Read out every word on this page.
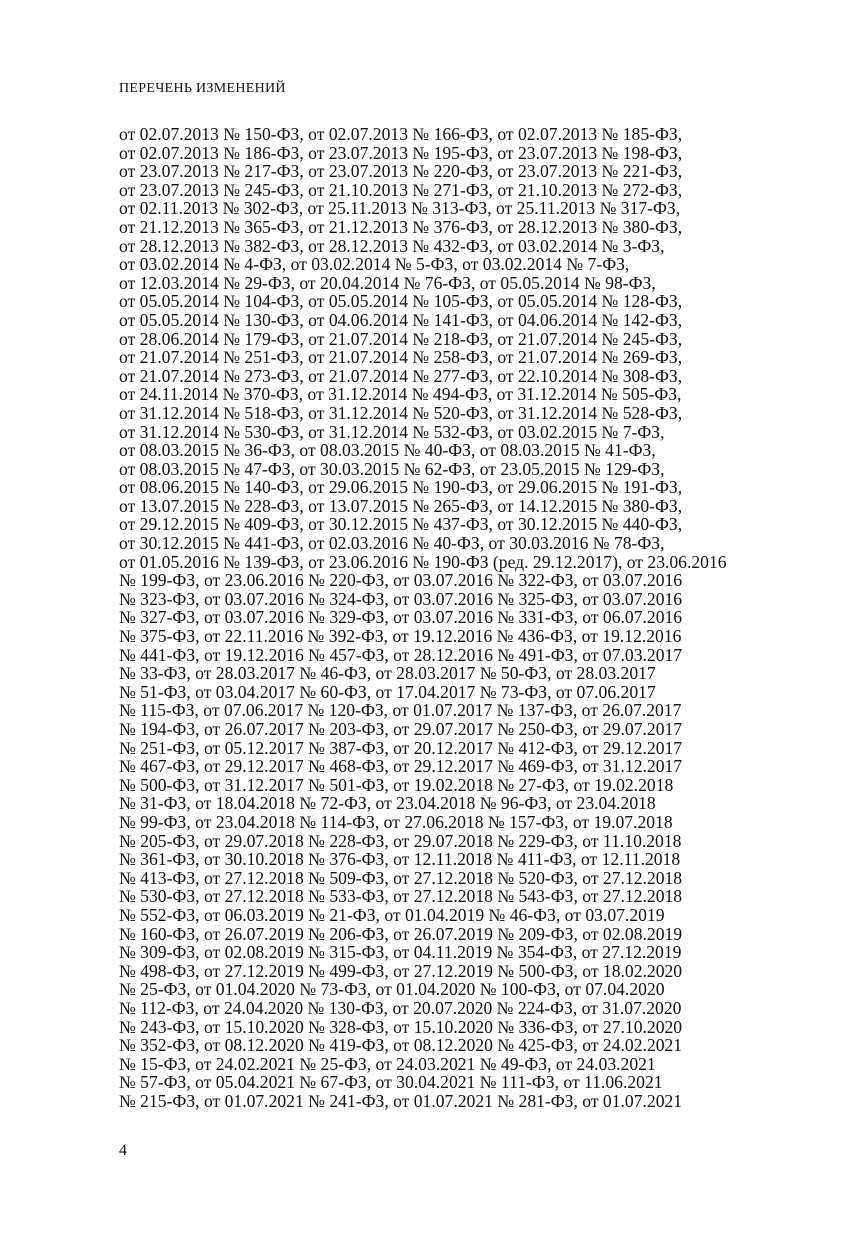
ПЕРЕЧЕНЬ ИЗМЕНЕНИЙ
от 02.07.2013 № 150-ФЗ, от 02.07.2013 № 166-ФЗ, от 02.07.2013 № 185-ФЗ,
от 02.07.2013 № 186-ФЗ, от 23.07.2013 № 195-ФЗ, от 23.07.2013 № 198-ФЗ,
от 23.07.2013 № 217-ФЗ, от 23.07.2013 № 220-ФЗ, от 23.07.2013 № 221-ФЗ,
от 23.07.2013 № 245-ФЗ, от 21.10.2013 № 271-ФЗ, от 21.10.2013 № 272-ФЗ,
от 02.11.2013 № 302-ФЗ, от 25.11.2013 № 313-ФЗ, от 25.11.2013 № 317-ФЗ,
от 21.12.2013 № 365-ФЗ, от 21.12.2013 № 376-ФЗ, от 28.12.2013 № 380-ФЗ,
от 28.12.2013 № 382-ФЗ, от 28.12.2013 № 432-ФЗ, от 03.02.2014 № 3-ФЗ,
от 03.02.2014 № 4-ФЗ, от 03.02.2014 № 5-ФЗ, от 03.02.2014 № 7-ФЗ,
от 12.03.2014 № 29-ФЗ, от 20.04.2014 № 76-ФЗ, от 05.05.2014 № 98-ФЗ,
от 05.05.2014 № 104-ФЗ, от 05.05.2014 № 105-ФЗ, от 05.05.2014 № 128-ФЗ,
от 05.05.2014 № 130-ФЗ, от 04.06.2014 № 141-ФЗ, от 04.06.2014 № 142-ФЗ,
от 28.06.2014 № 179-ФЗ, от 21.07.2014 № 218-ФЗ, от 21.07.2014 № 245-ФЗ,
от 21.07.2014 № 251-ФЗ, от 21.07.2014 № 258-ФЗ, от 21.07.2014 № 269-ФЗ,
от 21.07.2014 № 273-ФЗ, от 21.07.2014 № 277-ФЗ, от 22.10.2014 № 308-ФЗ,
от 24.11.2014 № 370-ФЗ, от 31.12.2014 № 494-ФЗ, от 31.12.2014 № 505-ФЗ,
от 31.12.2014 № 518-ФЗ, от 31.12.2014 № 520-ФЗ, от 31.12.2014 № 528-ФЗ,
от 31.12.2014 № 530-ФЗ, от 31.12.2014 № 532-ФЗ, от 03.02.2015 № 7-ФЗ,
от 08.03.2015 № 36-ФЗ, от 08.03.2015 № 40-ФЗ, от 08.03.2015 № 41-ФЗ,
от 08.03.2015 № 47-ФЗ, от 30.03.2015 № 62-ФЗ, от 23.05.2015 № 129-ФЗ,
от 08.06.2015 № 140-ФЗ, от 29.06.2015 № 190-ФЗ, от 29.06.2015 № 191-ФЗ,
от 13.07.2015 № 228-ФЗ, от 13.07.2015 № 265-ФЗ, от 14.12.2015 № 380-ФЗ,
от 29.12.2015 № 409-ФЗ, от 30.12.2015 № 437-ФЗ, от 30.12.2015 № 440-ФЗ,
от 30.12.2015 № 441-ФЗ, от 02.03.2016 № 40-ФЗ, от 30.03.2016 № 78-ФЗ,
от 01.05.2016 № 139-ФЗ, от 23.06.2016 № 190-ФЗ (ред. 29.12.2017), от 23.06.2016
№ 199-ФЗ, от 23.06.2016 № 220-ФЗ, от 03.07.2016 № 322-ФЗ, от 03.07.2016
№ 323-ФЗ, от 03.07.2016 № 324-ФЗ, от 03.07.2016 № 325-ФЗ, от 03.07.2016
№ 327-ФЗ, от 03.07.2016 № 329-ФЗ, от 03.07.2016 № 331-ФЗ, от 06.07.2016
№ 375-ФЗ, от 22.11.2016 № 392-ФЗ, от 19.12.2016 № 436-ФЗ, от 19.12.2016
№ 441-ФЗ, от 19.12.2016 № 457-ФЗ, от 28.12.2016 № 491-ФЗ, от 07.03.2017
№ 33-ФЗ, от 28.03.2017 № 46-ФЗ, от 28.03.2017 № 50-ФЗ, от 28.03.2017
№ 51-ФЗ, от 03.04.2017 № 60-ФЗ, от 17.04.2017 № 73-ФЗ, от 07.06.2017
№ 115-ФЗ, от 07.06.2017 № 120-ФЗ, от 01.07.2017 № 137-ФЗ, от 26.07.2017
№ 194-ФЗ, от 26.07.2017 № 203-ФЗ, от 29.07.2017 № 250-ФЗ, от 29.07.2017
№ 251-ФЗ, от 05.12.2017 № 387-ФЗ, от 20.12.2017 № 412-ФЗ, от 29.12.2017
№ 467-ФЗ, от 29.12.2017 № 468-ФЗ, от 29.12.2017 № 469-ФЗ, от 31.12.2017
№ 500-ФЗ, от 31.12.2017 № 501-ФЗ, от 19.02.2018 № 27-ФЗ, от 19.02.2018
№ 31-ФЗ, от 18.04.2018 № 72-ФЗ, от 23.04.2018 № 96-ФЗ, от 23.04.2018
№ 99-ФЗ, от 23.04.2018 № 114-ФЗ, от 27.06.2018 № 157-ФЗ, от 19.07.2018
№ 205-ФЗ, от 29.07.2018 № 228-ФЗ, от 29.07.2018 № 229-ФЗ, от 11.10.2018
№ 361-ФЗ, от 30.10.2018 № 376-ФЗ, от 12.11.2018 № 411-ФЗ, от 12.11.2018
№ 413-ФЗ, от 27.12.2018 № 509-ФЗ, от 27.12.2018 № 520-ФЗ, от 27.12.2018
№ 530-ФЗ, от 27.12.2018 № 533-ФЗ, от 27.12.2018 № 543-ФЗ, от 27.12.2018
№ 552-ФЗ, от 06.03.2019 № 21-ФЗ, от 01.04.2019 № 46-ФЗ, от 03.07.2019
№ 160-ФЗ, от 26.07.2019 № 206-ФЗ, от 26.07.2019 № 209-ФЗ, от 02.08.2019
№ 309-ФЗ, от 02.08.2019 № 315-ФЗ, от 04.11.2019 № 354-ФЗ, от 27.12.2019
№ 498-ФЗ, от 27.12.2019 № 499-ФЗ, от 27.12.2019 № 500-ФЗ, от 18.02.2020
№ 25-ФЗ, от 01.04.2020 № 73-ФЗ, от 01.04.2020 № 100-ФЗ, от 07.04.2020
№ 112-ФЗ, от 24.04.2020 № 130-ФЗ, от 20.07.2020 № 224-ФЗ, от 31.07.2020
№ 243-ФЗ, от 15.10.2020 № 328-ФЗ, от 15.10.2020 № 336-ФЗ, от 27.10.2020
№ 352-ФЗ, от 08.12.2020 № 419-ФЗ, от 08.12.2020 № 425-ФЗ, от 24.02.2021
№ 15-ФЗ, от 24.02.2021 № 25-ФЗ, от 24.03.2021 № 49-ФЗ, от 24.03.2021
№ 57-ФЗ, от 05.04.2021 № 67-ФЗ, от 30.04.2021 № 111-ФЗ, от 11.06.2021
№ 215-ФЗ, от 01.07.2021 № 241-ФЗ, от 01.07.2021 № 281-ФЗ, от 01.07.2021
4
